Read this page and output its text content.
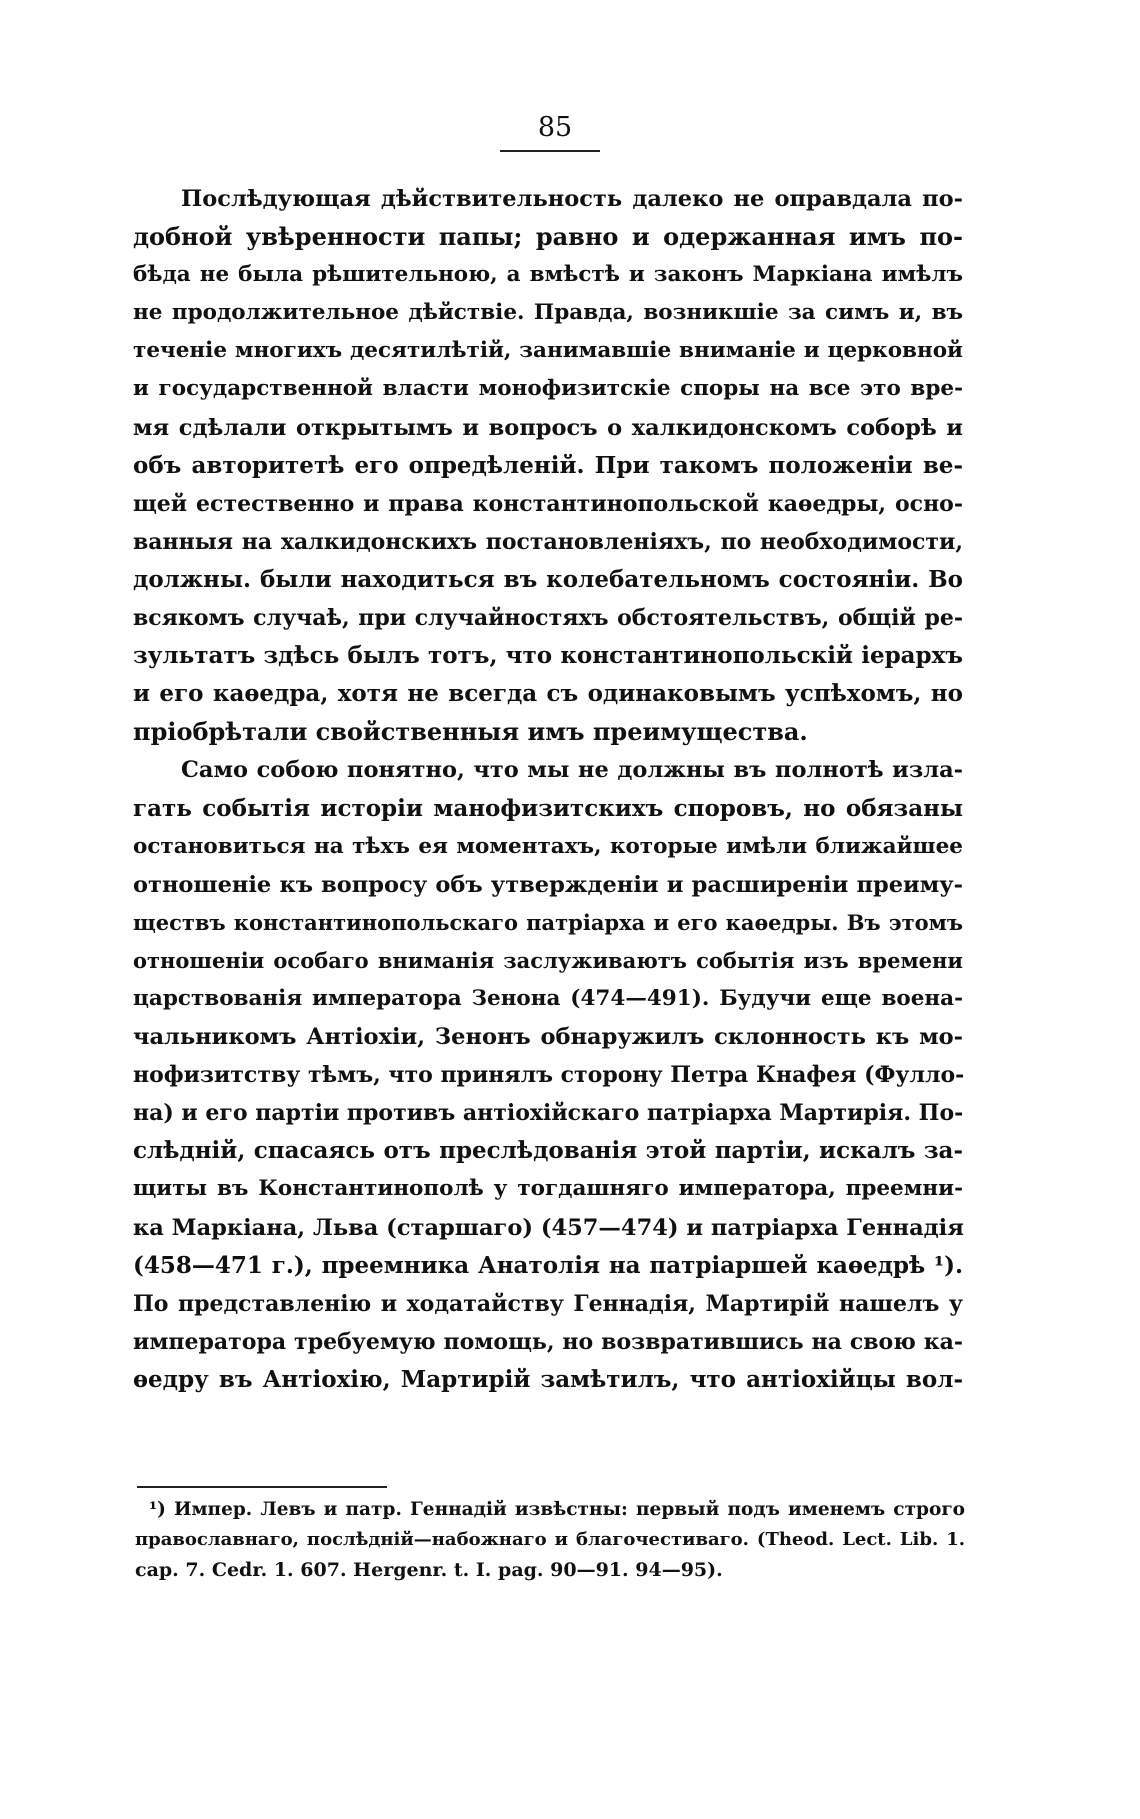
85
Послѣдующая дѣйствительность далеко не оправдала по-
добной увѣренности папы; равно и одержанная имъ по-
бѣда не была рѣшительною, а вмѣстѣ и законъ Маркіана имѣлъ
не продолжительное дѣйствіе. Правда, возникшіе за симъ и, въ
теченіе многихъ десятилѣтій, занимавшіе вниманіе и церковной
и государственной власти монофизитскіе споры на все это вре-
мя сдѣлали открытымъ и вопросъ о халкидонскомъ соборѣ и
объ авторитетѣ его опредѣленій. При такомъ положеніи ве-
щей естественно и права константинопольской каѳедры, осно-
ванныя на халкидонскихъ постановленіяхъ, по необходимости,
должны. были находиться въ колебательномъ состояніи. Во
всякомъ случаѣ, при случайностяхъ обстоятельствъ, общій ре-
зультатъ здѣсь былъ тотъ, что константинопольскій іерархъ
и его каѳедра, хотя не всегда съ одинаковымъ успѣхомъ, но
пріобрѣтали свойственныя имъ преимущества.
Само собою понятно, что мы не должны въ полнотѣ изла-
гать событія исторіи манофизитскихъ споровъ, но обязаны
остановиться на тѣхъ ея моментахъ, которые имѣли ближайшее
отношеніе къ вопросу объ утвержденіи и расширеніи преиму-
ществъ константинопольскаго патріарха и его каѳедры. Въ этомъ
отношеніи особаго вниманія заслуживаютъ событія изъ времени
царствованія императора Зенона (474—491). Будучи еще воена-
чальникомъ Антіохіи, Зенонъ обнаружилъ склонность къ мо-
нофизитству тѣмъ, что принялъ сторону Петра Кнафея (Фулло-
на) и его партіи противъ антіохійскаго патріарха Мартирія. По-
слѣдній, спасаясь отъ преслѣдованія этой партіи, искалъ за-
щиты въ Константинополѣ у тогдашняго императора, преемни-
ка Маркіана, Льва (старшаго) (457—474) и патріарха Геннадія
(458—471 г.), преемника Анатолія на патріаршей каѳедрѣ ¹).
По представленію и ходатайству Геннадія, Мартирій нашелъ у
императора требуемую помощь, но возвратившись на свою ка-
ѳедру въ Антіохію, Мартирій замѣтилъ, что антіохійцы вол-
¹) Импер. Левъ и патр. Геннадій извѣстны: первый подъ именемъ строго
православнаго, послѣдній—набожнаго и благочестиваго. (Theod. Lect. Lib. 1.
cap. 7. Cedr. 1. 607. Hergenr. t. I. pag. 90—91. 94—95).
